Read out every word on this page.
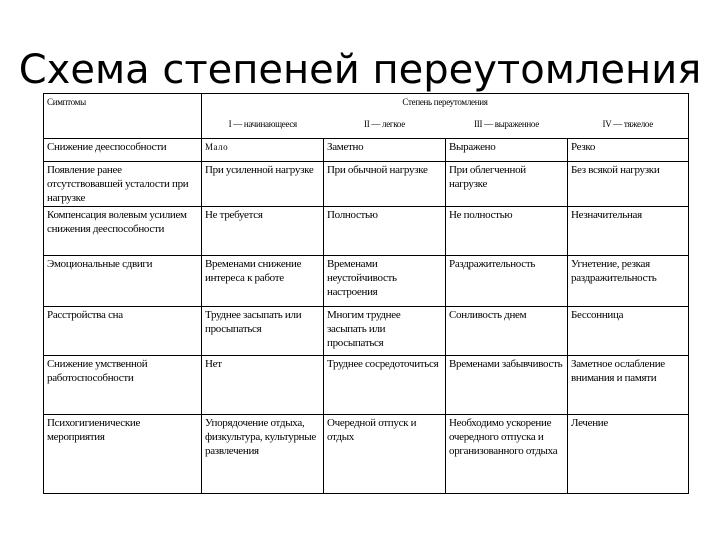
Схема степеней переутомления
Симптомы	Степень переутомления			
	I — начинающееся	II — легкое	III — выраженное	IV — тяжелое
Снижение дееспособности	Мало	Заметно	Выражено	Резко
Появление ранее отсутствовавшей усталости при нагрузке	При усиленной нагрузке	При обычной нагрузке	При облегченной нагрузке	Без всякой нагрузки
Компенсация волевым усилием снижения дееспособности	Не требуется	Полностью	Не полностью	Незначительная
Эмоциональные сдвиги	Временами снижение интереса к работе	Временами неустойчивость настроения	Раздражительность	Угнетение, резкая раздражительность
Расстройства сна	Труднее засыпать или просыпаться	Многим труднее засыпать или просыпаться	Сонливость днем	Бессонница
Снижение умственной работоспособности	Нет	Труднее сосредоточиться	Временами забывчивость	Заметное ослабление внимания и памяти
Психогигиенические мероприятия	Упорядочение отдыха, физкультура, культурные развлечения	Очередной отпуск и отдых	Необходимо ускорение очередного отпуска и организованного отдыха	Лечение
